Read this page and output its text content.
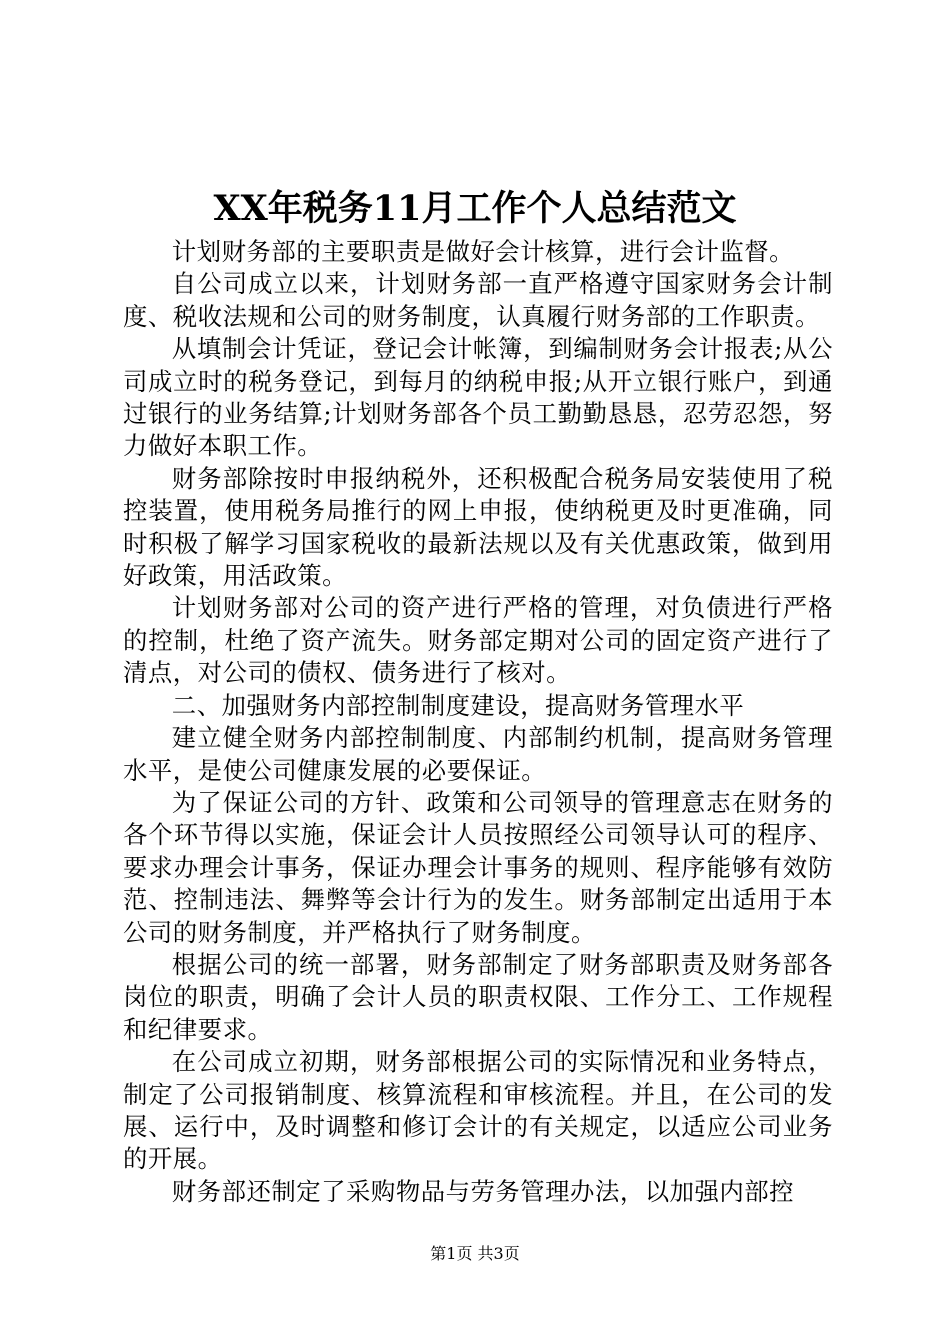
XX年税务11月工作个人总结范文

计划财务部的主要职责是做好会计核算，进行会计监督。

自公司成立以来，计划财务部一直严格遵守国家财务会计制度、税收法规和公司的财务制度，认真履行财务部的工作职责。

从填制会计凭证，登记会计帐簿，到编制财务会计报表;从公司成立时的税务登记，到每月的纳税申报;从开立银行账户，到通过银行的业务结算;计划财务部各个员工勤勤恳恳，忍劳忍怨，努力做好本职工作。

财务部除按时申报纳税外，还积极配合税务局安装使用了税控装置，使用税务局推行的网上申报，使纳税更及时更准确，同时积极了解学习国家税收的最新法规以及有关优惠政策，做到用好政策，用活政策。

计划财务部对公司的资产进行严格的管理，对负债进行严格的控制，杜绝了资产流失。财务部定期对公司的固定资产进行了清点，对公司的债权、债务进行了核对。

二、加强财务内部控制制度建设，提高财务管理水平

建立健全财务内部控制制度、内部制约机制，提高财务管理水平，是使公司健康发展的必要保证。

为了保证公司的方针、政策和公司领导的管理意志在财务的各个环节得以实施，保证会计人员按照经公司领导认可的程序、要求办理会计事务，保证办理会计事务的规则、程序能够有效防范、控制违法、舞弊等会计行为的发生。财务部制定出适用于本公司的财务制度，并严格执行了财务制度。

根据公司的统一部署，财务部制定了财务部职责及财务部各岗位的职责，明确了会计人员的职责权限、工作分工、工作规程和纪律要求。

在公司成立初期，财务部根据公司的实际情况和业务特点，制定了公司报销制度、核算流程和审核流程。并且，在公司的发展、运行中，及时调整和修订会计的有关规定，以适应公司业务的开展。

财务部还制定了采购物品与劳务管理办法，以加强内部控

第1页 共3页
